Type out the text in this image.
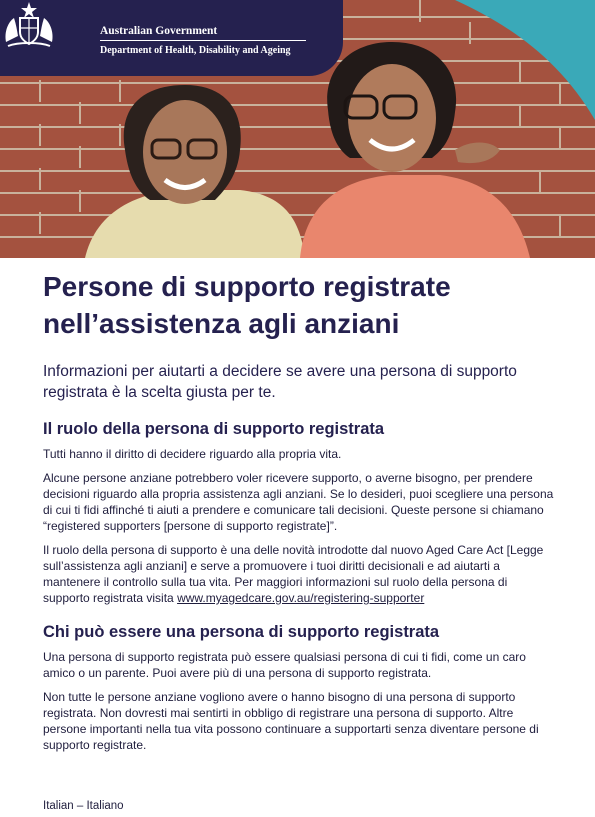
Australian Government
Department of Health, Disability and Ageing
Persone di supporto registrate nell’assistenza agli anziani

Informazioni per aiutarti a decidere se avere una persona di supporto registrata è la scelta giusta per te.

Il ruolo della persona di supporto registrata

Tutti hanno il diritto di decidere riguardo alla propria vita.

Alcune persone anziane potrebbero voler ricevere supporto, o averne bisogno, per prendere decisioni riguardo alla propria assistenza agli anziani. Se lo desideri, puoi scegliere una persona di cui ti fidi affinché ti aiuti a prendere e comunicare tali decisioni. Queste persone si chiamano “registered supporters [persone di supporto registrate]”.

Il ruolo della persona di supporto è una delle novità introdotte dal nuovo Aged Care Act [Legge sull’assistenza agli anziani] e serve a promuovere i tuoi diritti decisionali e ad aiutarti a mantenere il controllo sulla tua vita. Per maggiori informazioni sul ruolo della persona di supporto registrata visita www.myagedcare.gov.au/registering-supporter

Chi può essere una persona di supporto registrata

Una persona di supporto registrata può essere qualsiasi persona di cui ti fidi, come un caro amico o un parente. Puoi avere più di una persona di supporto registrata.

Non tutte le persone anziane vogliono avere o hanno bisogno di una persona di supporto registrata. Non dovresti mai sentirti in obbligo di registrare una persona di supporto. Altre persone importanti nella tua vita possono continuare a supportarti senza diventare persone di supporto registrate.

Italian – Italiano
